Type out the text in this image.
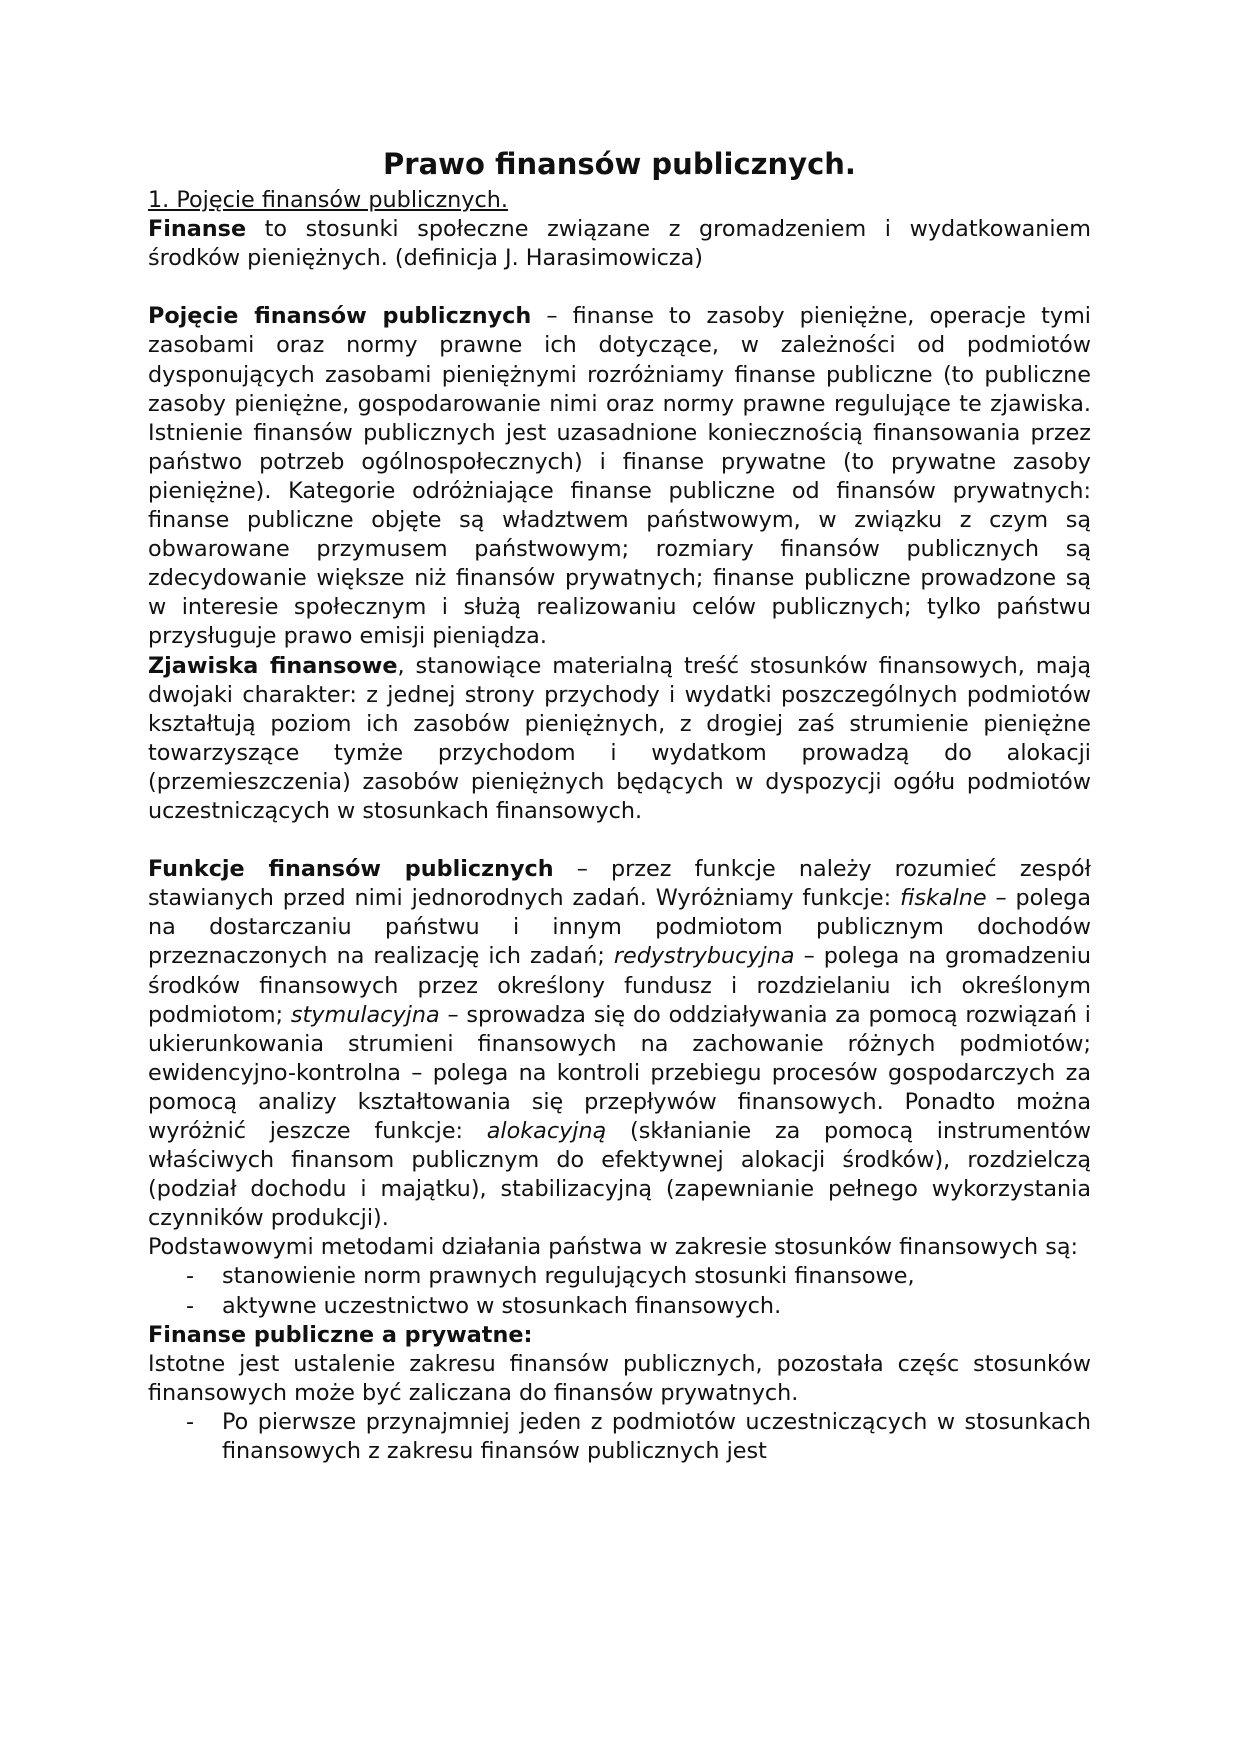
Prawo finansów publicznych.

1. Pojęcie finansów publicznych.

Finanse to stosunki społeczne związane z gromadzeniem i wydatkowaniem środków pieniężnych. (definicja J. Harasimowicza)

Pojęcie finansów publicznych – finanse to zasoby pieniężne, operacje tymi zasobami oraz normy prawne ich dotyczące, w zależności od podmiotów dysponujących zasobami pieniężnymi rozróżniamy finanse publiczne (to publiczne zasoby pieniężne, gospodarowanie nimi oraz normy prawne regulujące te zjawiska. Istnienie finansów publicznych jest uzasadnione koniecznością finansowania przez państwo potrzeb ogólnospołecznych) i finanse prywatne (to prywatne zasoby pieniężne). Kategorie odróżniające finanse publiczne od finansów prywatnych: finanse publiczne objęte są władztwem państwowym, w związku z czym są obwarowane przymusem państwowym; rozmiary finansów publicznych są zdecydowanie większe niż finansów prywatnych; finanse publiczne prowadzone są w interesie społecznym i służą realizowaniu celów publicznych; tylko państwu przysługuje prawo emisji pieniądza.

Zjawiska finansowe, stanowiące materialną treść stosunków finansowych, mają dwojaki charakter: z jednej strony przychody i wydatki poszczególnych podmiotów kształtują poziom ich zasobów pieniężnych, z drogiej zaś strumienie pieniężne towarzyszące tymże przychodom i wydatkom prowadzą do alokacji (przemieszczenia) zasobów pieniężnych będących w dyspozycji ogółu podmiotów uczestniczących w stosunkach finansowych.

Funkcje finansów publicznych – przez funkcje należy rozumieć zespół stawianych przed nimi jednorodnych zadań. Wyróżniamy funkcje: fiskalne – polega na dostarczaniu państwu i innym podmiotom publicznym dochodów przeznaczonych na realizację ich zadań; redystrybucyjna – polega na gromadzeniu środków finansowych przez określony fundusz i rozdzielaniu ich określonym podmiotom; stymulacyjna – sprowadza się do oddziaływania za pomocą rozwiązań i ukierunkowania strumieni finansowych na zachowanie różnych podmiotów; ewidencyjno-kontrolna – polega na kontroli przebiegu procesów gospodarczych za pomocą analizy kształtowania się przepływów finansowych. Ponadto można wyróżnić jeszcze funkcje: alokacyjną (skłanianie za pomocą instrumentów właściwych finansom publicznym do efektywnej alokacji środków), rozdzielczą (podział dochodu i majątku), stabilizacyjną (zapewnianie pełnego wykorzystania czynników produkcji).

Podstawowymi metodami działania państwa w zakresie stosunków finansowych są:

- stanowienie norm prawnych regulujących stosunki finansowe,

- aktywne uczestnictwo w stosunkach finansowych.

Finanse publiczne a prywatne:

Istotne jest ustalenie zakresu finansów publicznych, pozostała częśc stosunków finansowych może być zaliczana do finansów prywatnych.

- Po pierwsze przynajmniej jeden z podmiotów uczestniczących w stosunkach finansowych z zakresu finansów publicznych jest
